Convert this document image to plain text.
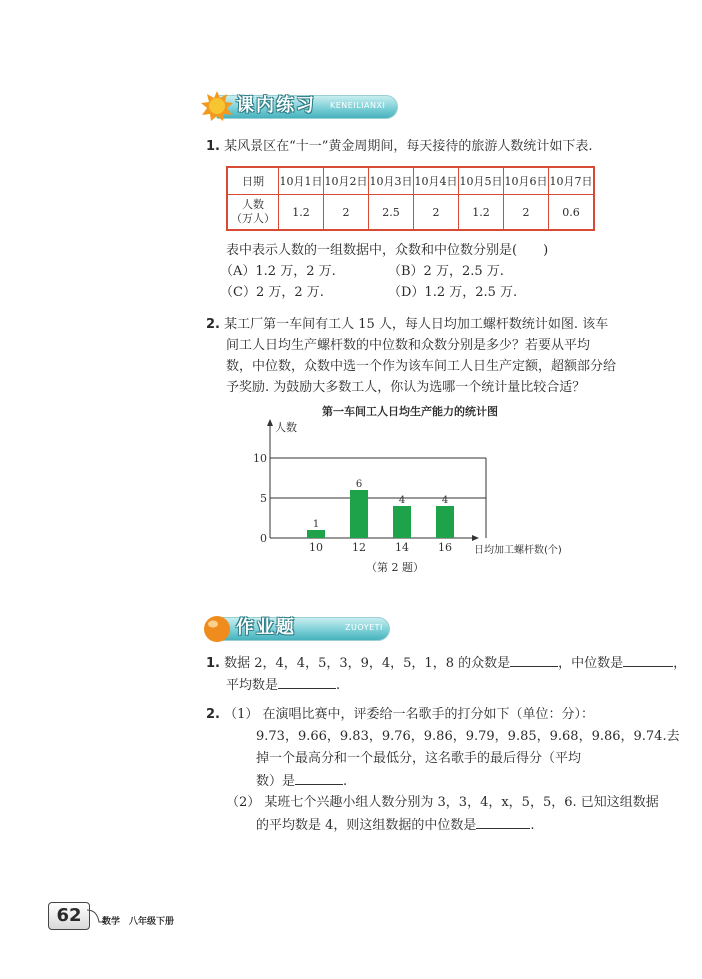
课内练习 KENEILIANXI
1. 某风景区在“十一”黄金周期间，每天接待的旅游人数统计如下表.
日期	10月1日	10月2日	10月3日	10月4日	10月5日	10月6日	10月7日

人数
（万人）	1.2	2	2.5	2	1.2	2	0.6
表中表示人数的一组数据中，众数和中位数分别是(　　)
（A）1.2 万，2 万.	（B）2 万，2.5 万.
（C）2 万，2 万.	（D）1.2 万，2.5 万.
2. 某工厂第一车间有工人 15 人，每人日均加工螺杆数统计如图. 该车
间工人日均生产螺杆数的中位数和众数分别是多少？若要从平均
数，中位数，众数中选一个作为该车间工人日生产定额，超额部分给
予奖励. 为鼓励大多数工人，你认为选哪一个统计量比较合适？
第一车间工人日均生产能力的统计图
0
5
10
1
10
6
12
4
14
4
16
人数
日均加工螺杆数(个)
（第 2 题）
作业题	ZUOYETI
1. 数据 2，4，4，5，3，9，4，5，1，8 的众数是	，中位数是	，
平均数是	.
2. （1） 在演唱比赛中，评委给一名歌手的打分如下（单位：分）：
9.73，9.66，9.83，9.76，9.86，9.79，9.85，9.68，9.86，9.74.去
掉一个最高分和一个最低分，这名歌手的最后得分（平均
数）是	.
（2） 某班七个兴趣小组人数分别为 3，3，4，x，5，5，6. 已知这组数据
的平均数是 4，则这组数据的中位数是	.
62	数学　八年级下册
